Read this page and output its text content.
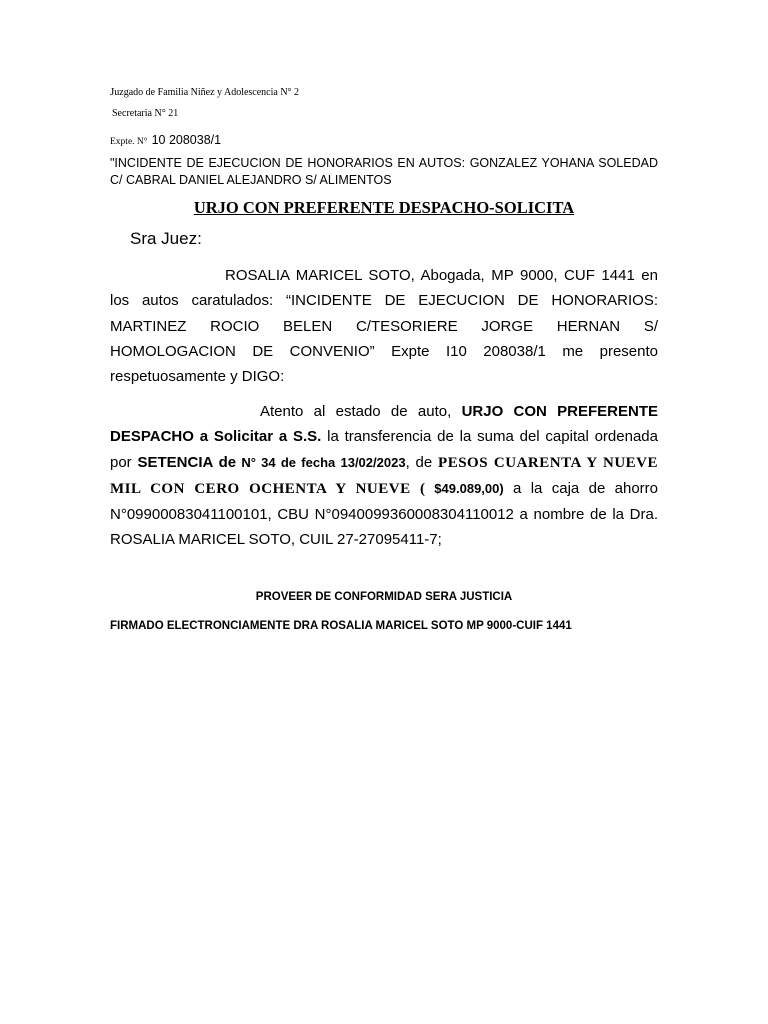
Juzgado de Familia Niñez y Adolescencia N° 2
Secretaria N° 21
Expte. N° 10 208038/1
"INCIDENTE DE EJECUCION DE HONORARIOS EN AUTOS: GONZALEZ YOHANA SOLEDAD C/ CABRAL DANIEL ALEJANDRO S/ ALIMENTOS
URJO CON PREFERENTE DESPACHO-SOLICITA
Sra Juez:
ROSALIA MARICEL SOTO, Abogada, MP 9000, CUF 1441 en los autos caratulados: “INCIDENTE DE EJECUCION DE HONORARIOS: MARTINEZ ROCIO BELEN C/TESORIERE JORGE HERNAN S/ HOMOLOGACION DE CONVENIO” Expte I10 208038/1 me presento respetuosamente y DIGO:
Atento al estado de auto, URJO CON PREFERENTE DESPACHO a Solicitar a S.S. la transferencia de la suma del capital ordenada por SETENCIA de N° 34 de fecha 13/02/2023, de PESOS CUARENTA Y NUEVE MIL CON CERO OCHENTA Y NUEVE ( $49.089,00) a la caja de ahorro N°09900083041100101, CBU N°0940099360008304110012 a nombre de la Dra. ROSALIA MARICEL SOTO, CUIL 27-27095411-7;
PROVEER DE CONFORMIDAD SERA JUSTICIA
FIRMADO ELECTRONCIAMENTE DRA ROSALIA MARICEL SOTO MP 9000-CUIF 1441
